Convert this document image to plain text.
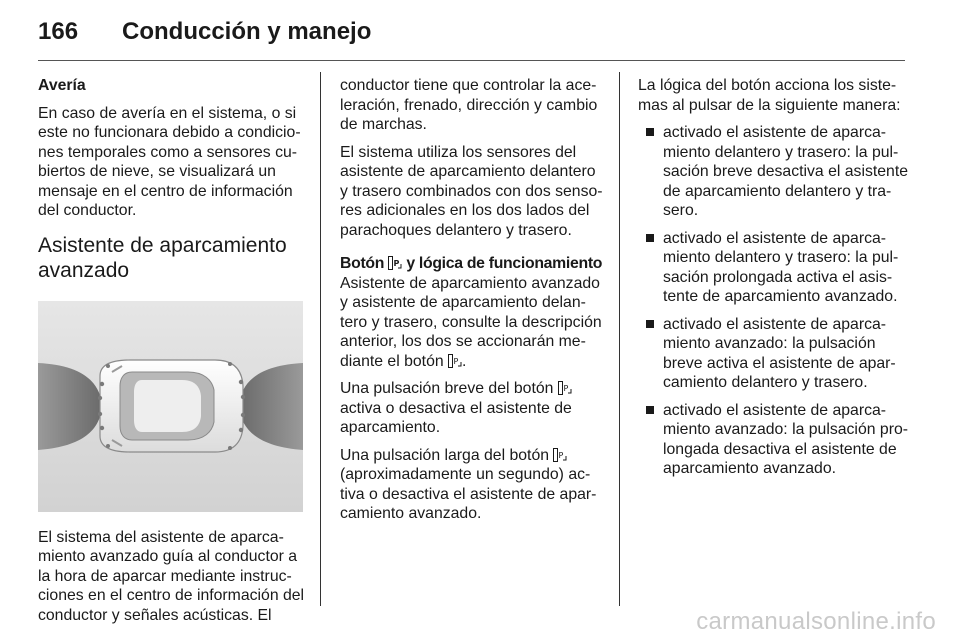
166 Conducción y manejo

Avería

En caso de avería en el sistema, o si
este no funcionara debido a condicio-
nes temporales como a sensores cu-
biertos de nieve, se visualizará un
mensaje en el centro de información
del conductor.

Asistente de aparcamiento
avanzado

El sistema del asistente de aparca-
miento avanzado guía al conductor a
la hora de aparcar mediante instruc-
ciones en el centro de información del
conductor y señales acústicas. El

conductor tiene que controlar la ace-
leración, frenado, dirección y cambio
de marchas.

El sistema utiliza los sensores del
asistente de aparcamiento delantero
y trasero combinados con dos senso-
res adicionales en los dos lados del
parachoques delantero y trasero.

Botón P y lógica de funcionamiento

Asistente de aparcamiento avanzado
y asistente de aparcamiento delan-
tero y trasero, consulte la descripción
anterior, los dos se accionarán me-
diante el botón P .

Una pulsación breve del botón P
activa o desactiva el asistente de
aparcamiento.

Una pulsación larga del botón P
(aproximadamente un segundo) ac-
tiva o desactiva el asistente de apar-
camiento avanzado.

La lógica del botón acciona los siste-
mas al pulsar de la siguiente manera:

activado el asistente de aparca-
miento delantero y trasero: la pul-
sación breve desactiva el asistente
de aparcamiento delantero y tra-
sero.
activado el asistente de aparca-
miento delantero y trasero: la pul-
sación prolongada activa el asis-
tente de aparcamiento avanzado.
activado el asistente de aparca-
miento avanzado: la pulsación
breve activa el asistente de apar-
camiento delantero y trasero.
activado el asistente de aparca-
miento avanzado: la pulsación pro-
longada desactiva el asistente de
aparcamiento avanzado.
carmanualsonline.info
